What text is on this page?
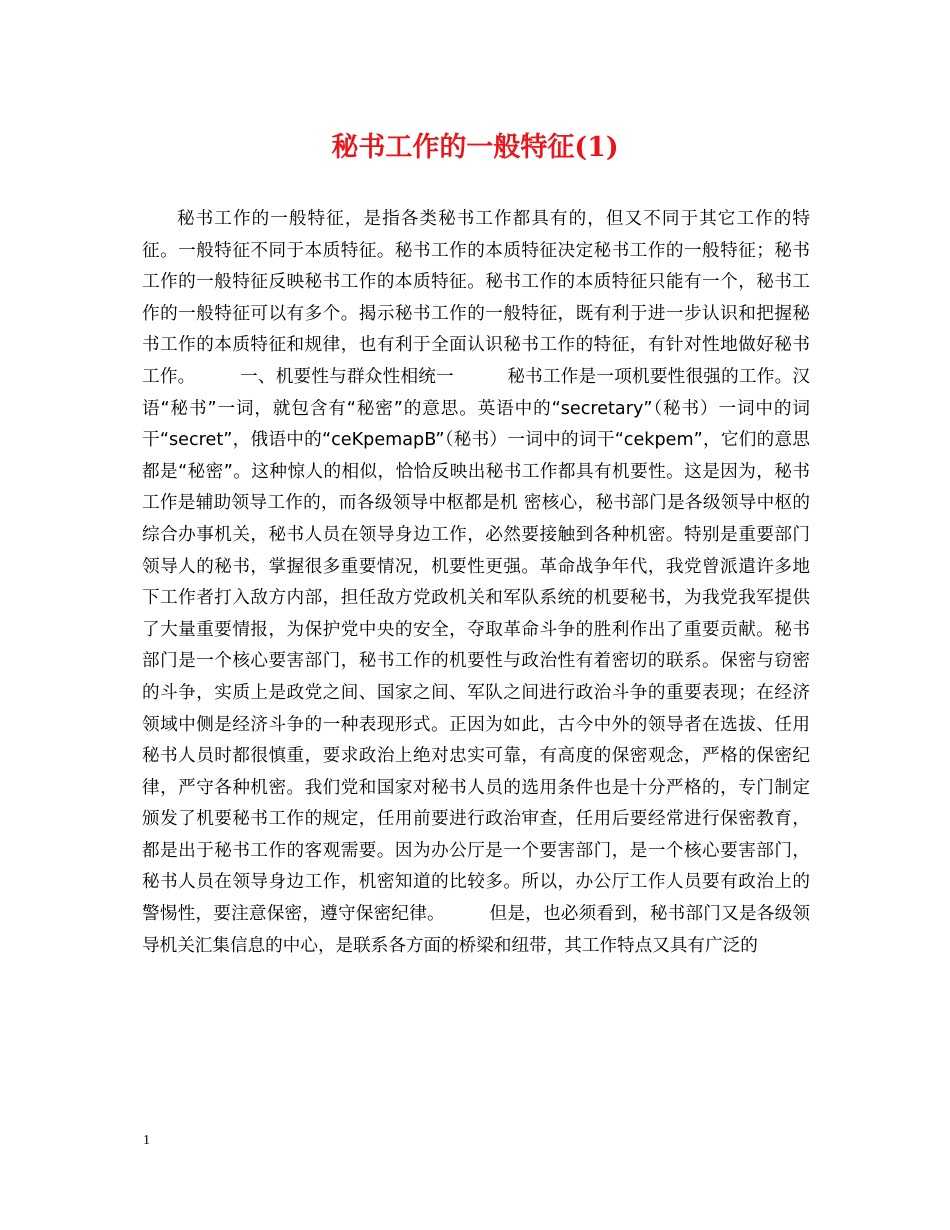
秘书工作的一般特征(1)

秘书工作的一般特征，是指各类秘书工作都具有的，但又不同于其它工作的特征。一般特征不同于本质特征。秘书工作的本质特征决定秘书工作的一般特征；秘书工作的一般特征反映秘书工作的本质特征。秘书工作的本质特征只能有一个，秘书工作的一般特征可以有多个。揭示秘书工作的一般特征，既有利于进一步认识和把握秘书工作的本质特征和规律，也有利于全面认识秘书工作的特征，有针对性地做好秘书工作。　　　一、机要性与群众性相统一　　　秘书工作是一项机要性很强的工作。汉语“秘书”一词，就包含有“秘密”的意思。英语中的“secretary”（秘书）一词中的词干“secret”，俄语中的“ceKpemapB”（秘书）一词中的词干“cekpem”，它们的意思都是“秘密”。这种惊人的相似，恰恰反映出秘书工作都具有机要性。这是因为，秘书工作是辅助领导工作的，而各级领导中枢都是机 密核心，秘书部门是各级领导中枢的综合办事机关，秘书人员在领导身边工作，必然要接触到各种机密。特别是重要部门领导人的秘书，掌握很多重要情况，机要性更强。革命战争年代，我党曾派遣许多地下工作者打入敌方内部，担任敌方党政机关和军队系统的机要秘书，为我党我军提供了大量重要情报，为保护党中央的安全，夺取革命斗争的胜利作出了重要贡献。秘书部门是一个核心要害部门，秘书工作的机要性与政治性有着密切的联系。保密与窃密的斗争，实质上是政党之间、国家之间、军队之间进行政治斗争的重要表现；在经济领域中侧是经济斗争的一种表现形式。正因为如此，古今中外的领导者在选拔、任用秘书人员时都很慎重，要求政治上绝对忠实可靠，有高度的保密观念，严格的保密纪律，严守各种机密。我们党和国家对秘书人员的选用条件也是十分严格的，专门制定颁发了机要秘书工作的规定，任用前要进行政治审查，任用后要经常进行保密教育，都是出于秘书工作的客观需要。因为办公厅是一个要害部门，是一个核心要害部门，秘书人员在领导身边工作，机密知道的比较多。所以，办公厅工作人员要有政治上的警惕性，要注意保密，遵守保密纪律。　　　但是，也必须看到，秘书部门又是各级领导机关汇集信息的中心，是联系各方面的桥梁和纽带，其工作特点又具有广泛的

1
